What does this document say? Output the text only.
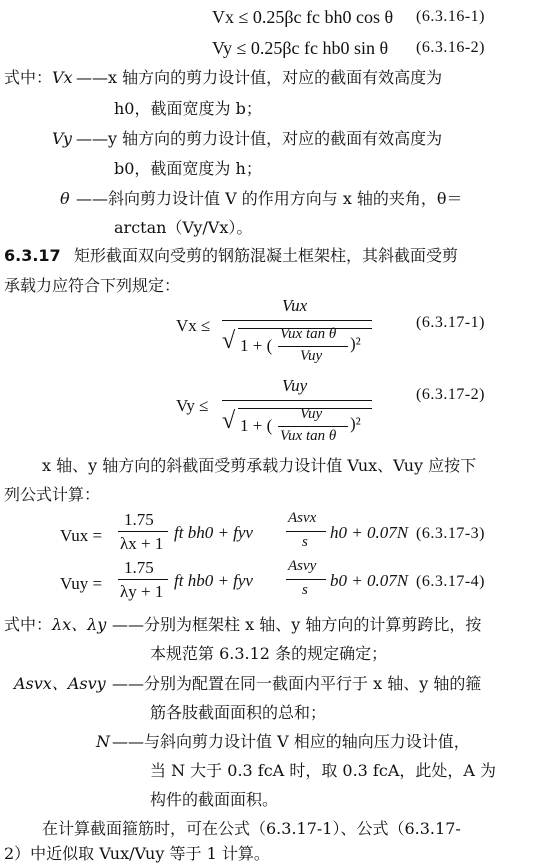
Vx ≤ 0.25βc fc bh0 cos θ (6.3.16-1)
Vy ≤ 0.25βc fc hb0 sin θ (6.3.16-2)
式中： Vx ——x 轴方向的剪力设计值，对应的截面有效高度为
h0，截面宽度为 b；
Vy ——y 轴方向的剪力设计值，对应的截面有效高度为
b0，截面宽度为 h；
θ ——斜向剪力设计值 V 的作用方向与 x 轴的夹角，θ＝
arctan（Vy/Vx）。
6.3.17 矩形截面双向受剪的钢筋混凝土框架柱，其斜截面受剪
承载力应符合下列规定：
Vx ≤
Vux
√ 1 + (
Vux tan θ
Vuy
)²
(6.3.17-1)
Vy ≤
Vuy
√ 1 + (
Vuy
Vux tan θ
)²
(6.3.17-2)
x 轴、y 轴方向的斜截面受剪承载力设计值 Vux、Vuy 应按下
列公式计算：
Vux =
1.75
λx + 1
ft bh0 + fyv
Asvx
s h0 + 0.07N (6.3.17-3)
Vuy =
1.75
λy + 1
ft hb0 + fyv
Asvy
s b0 + 0.07N (6.3.17-4)
式中： λx、λy ——分别为框架柱 x 轴、y 轴方向的计算剪跨比，按
本规范第 6.3.12 条的规定确定；
Asvx、Asvy ——分别为配置在同一截面内平行于 x 轴、y 轴的箍
筋各肢截面面积的总和；
N ——与斜向剪力设计值 V 相应的轴向压力设计值，
当 N 大于 0.3 fcA 时，取 0.3 fcA，此处，A 为
构件的截面面积。
在计算截面箍筋时，可在公式（6.3.17-1）、公式（6.3.17-
2）中近似取 Vux/Vuy 等于 1 计算。
